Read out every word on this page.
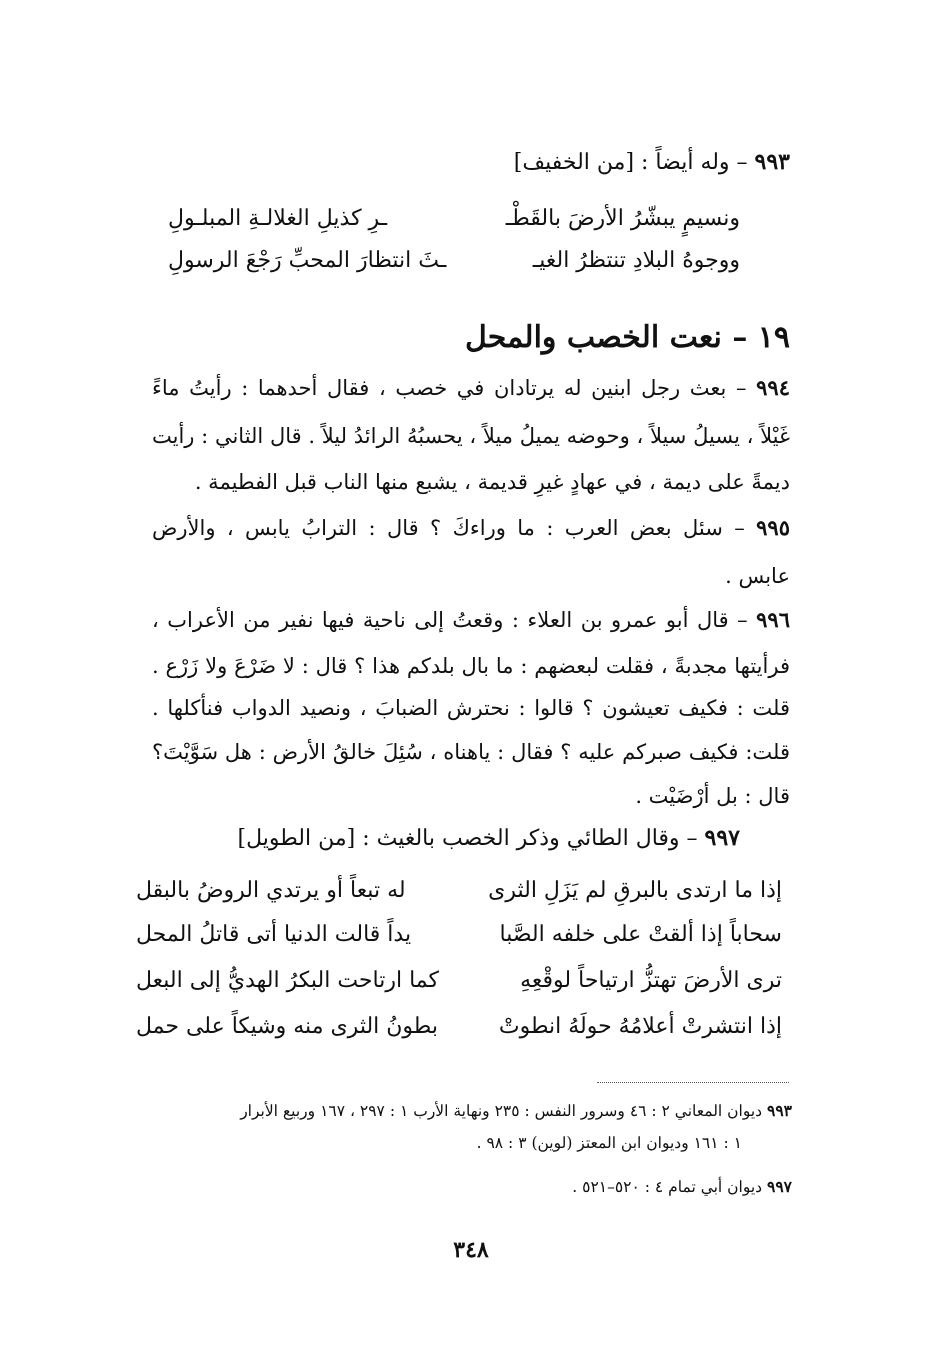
٩٩٣ – وله أيضاً : [من الخفيف]
ونسيمٍ يبشّرُ الأرضَ بالقَطْـ
ـرِ كذيلِ الغلالـةِ المبلـولِ
ووجوهُ البلادِ تنتظرُ الغيـ
ـثَ انتظارَ المحبِّ رَجْعَ الرسولِ
١٩ – نعت الخصب والمحل
٩٩٤ – بعث رجل ابنين له يرتادان في خصب ، فقال أحدهما : رأيتُ ماءً
غَيْلاً ، يسيلُ سيلاً ، وحوضه يميلُ ميلاً ، يحسبُهُ الرائدُ ليلاً . قال الثاني : رأيت
ديمةً على ديمة ، في عهادٍ غيرِ قديمة ، يشبع منها الناب قبل الفطيمة .
٩٩٥ – سئل بعض العرب : ما وراءكَ ؟ قال : الترابُ يابس ، والأرض
عابس .
٩٩٦ – قال أبو عمرو بن العلاء : وقعتُ إلى ناحية فيها نفير من الأعراب ،
فرأيتها مجدبةً ، فقلت لبعضهم : ما بال بلدكم هذا ؟ قال : لا ضَرْعَ ولا زَرْع .
قلت : فكيف تعيشون ؟ قالوا : نحترش الضبابَ ، ونصيد الدواب فنأكلها .
قلت: فكيف صبركم عليه ؟ فقال : ياهناه ، سُئِلَ خالقُ الأرض : هل سَوَّيْتَ؟
قال : بل أرْضَيْت .
٩٩٧ – وقال الطائي وذكر الخصب بالغيث : [من الطويل]
إذا ما ارتدى بالبرقِ لم يَزَلِ الثرى
له تبعاً أو يرتدي الروضُ بالبقل
سحاباً إذا ألقتْ على خلفه الصَّبا
يداً قالت الدنيا أتى قاتلُ المحل
ترى الأرضَ تهتزُّ ارتياحاً لوقْعِهِ
كما ارتاحت البكرُ الهديُّ إلى البعل
إذا انتشرتْ أعلامُهُ حولَهُ انطوتْ
بطونُ الثرى منه وشيكاً على حمل
٩٩٣ ديوان المعاني ٢ : ٤٦ وسرور النفس : ٢٣٥ ونهاية الأرب ١ : ٢٩٧ ، ١٦٧ وربيع الأبرار
١ : ١٦١ وديوان ابن المعتز (لوين) ٣ : ٩٨ .
٩٩٧ ديوان أبي تمام ٤ : ٥٢٠–٥٢١ .
٣٤٨
